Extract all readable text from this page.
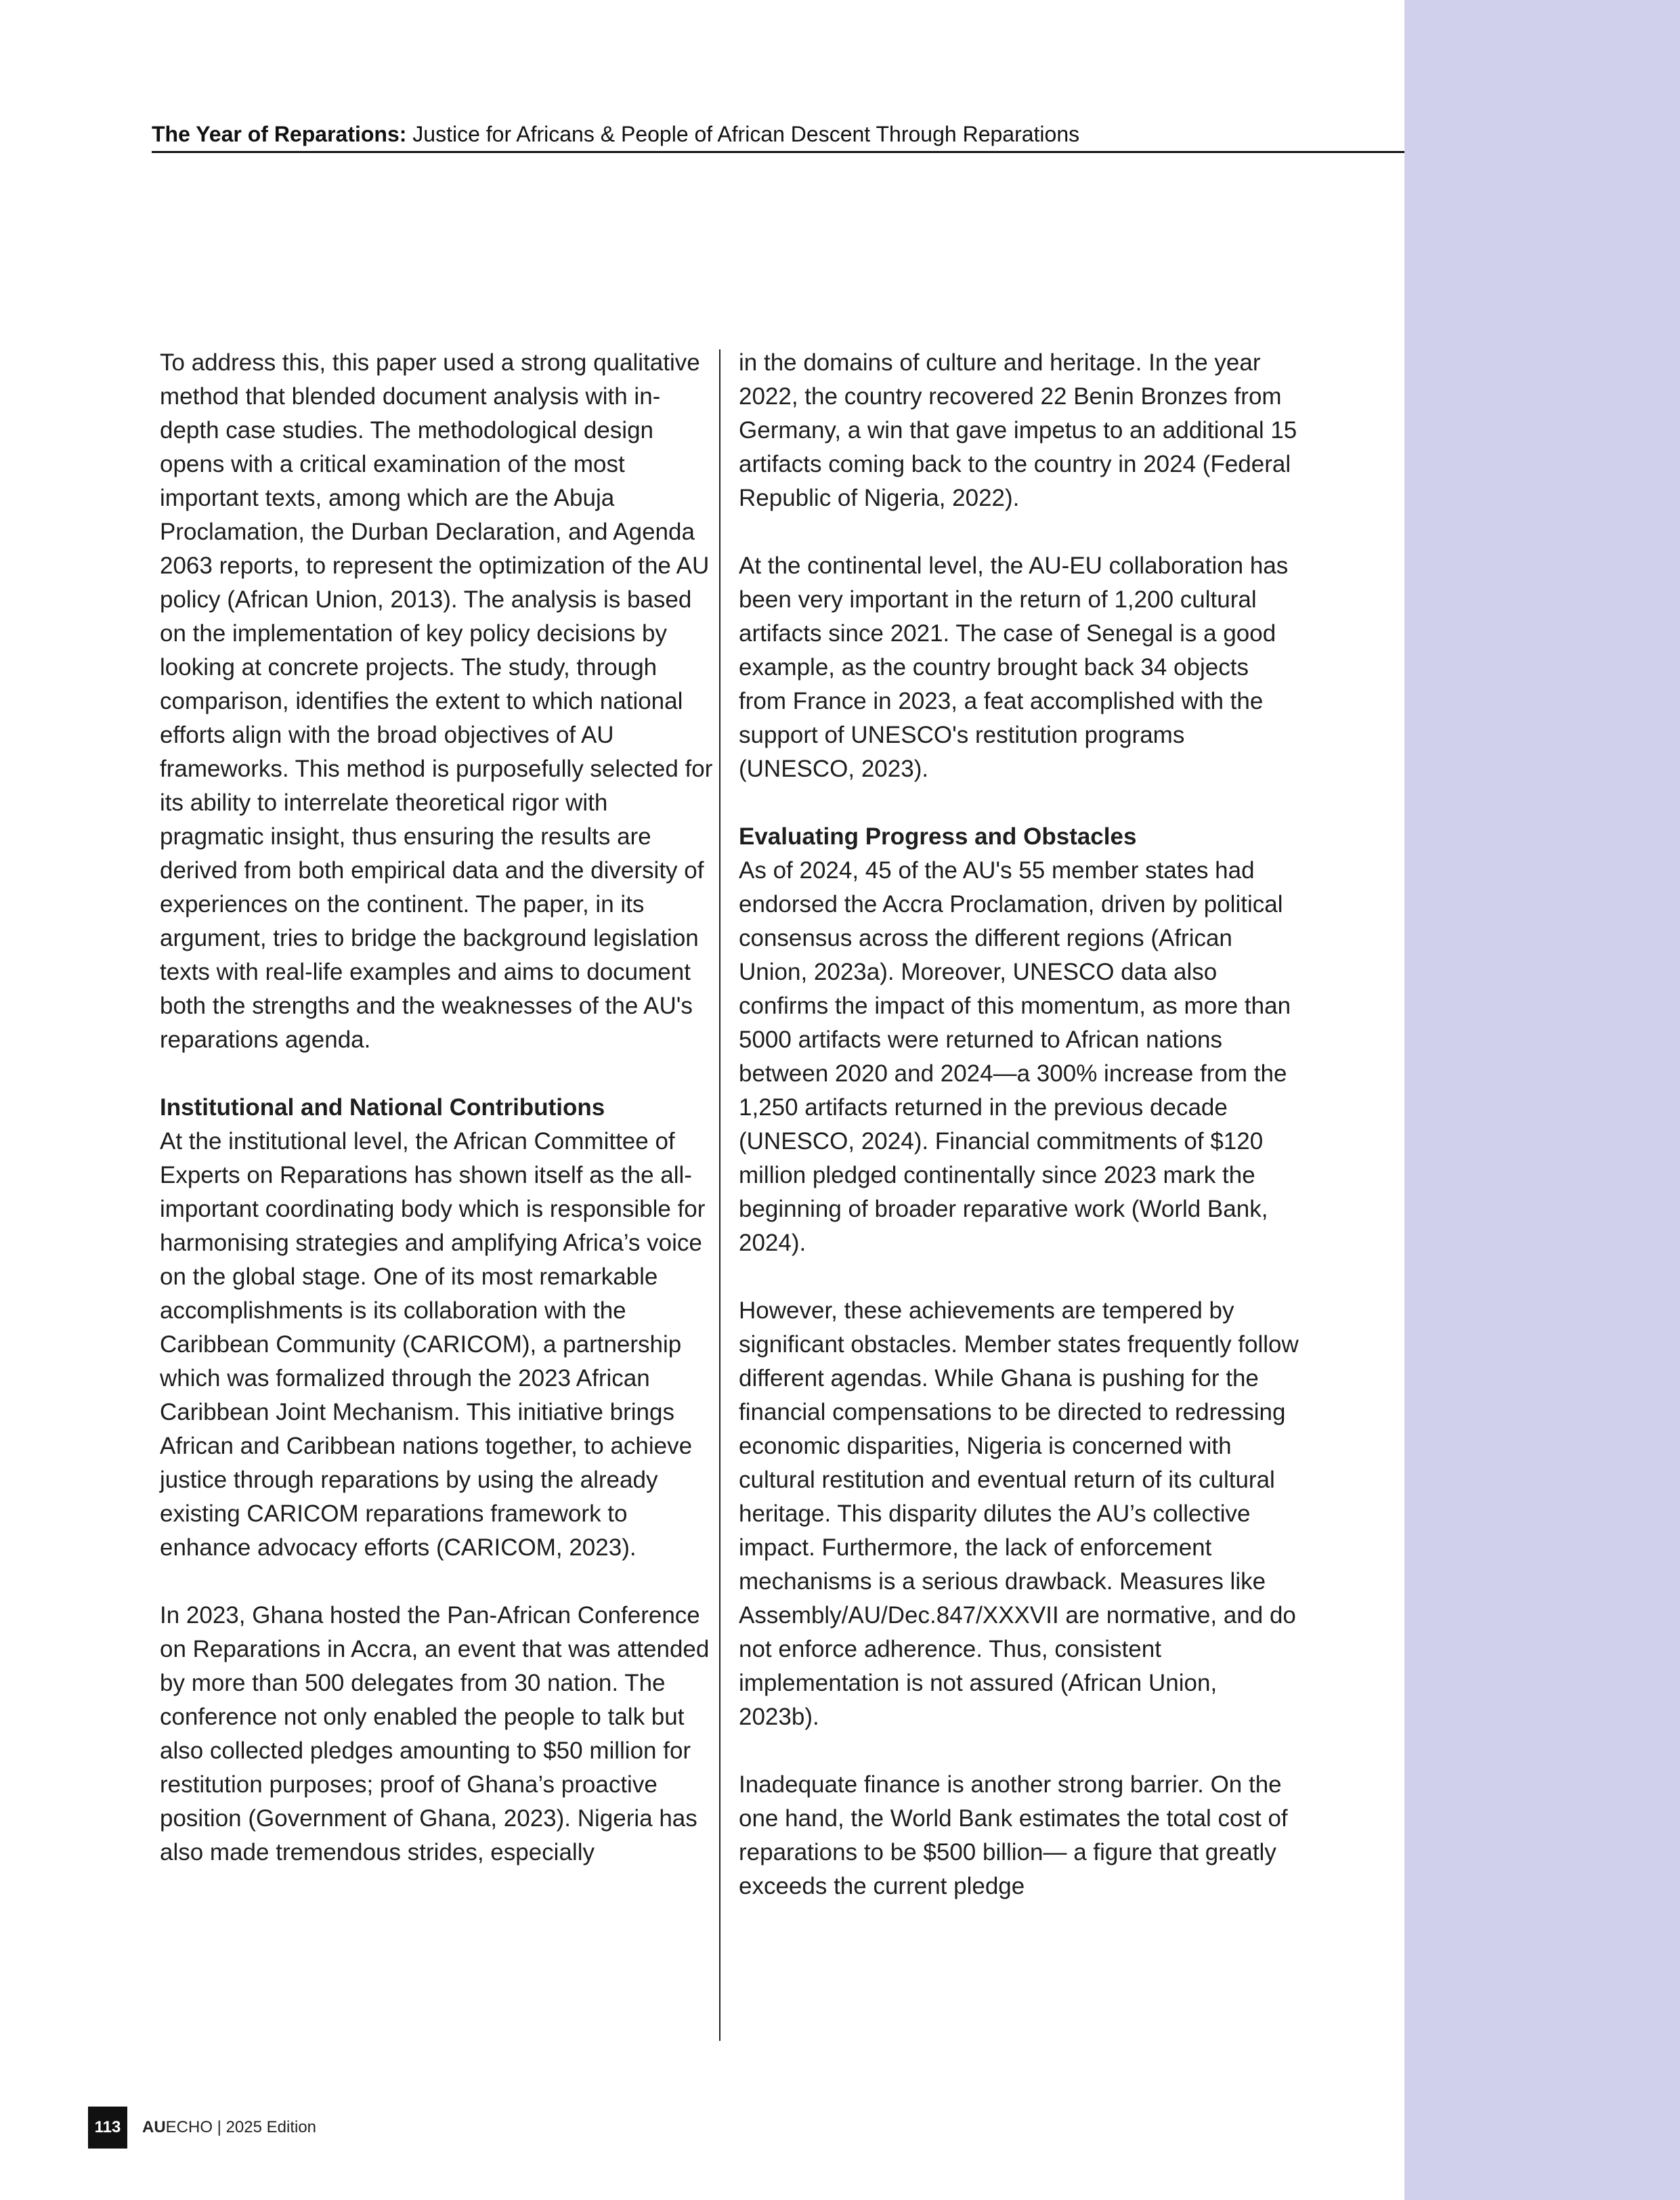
The Year of Reparations: Justice for Africans & People of African Descent Through Reparations

To address this, this paper used a strong qualitative method that blended document analysis with in-depth case studies. The methodological design opens with a critical examination of the most important texts, among which are the Abuja Proclamation, the Durban Declaration, and Agenda 2063 reports, to represent the optimization of the AU policy (African Union, 2013). The analysis is based on the implementation of key policy decisions by looking at concrete projects. The study, through comparison, identifies the extent to which national efforts align with the broad objectives of AU frameworks. This method is purposefully selected for its ability to interrelate theoretical rigor with pragmatic insight, thus ensuring the results are derived from both empirical data and the diversity of experiences on the continent. The paper, in its argument, tries to bridge the background legislation texts with real-life examples and aims to document both the strengths and the weaknesses of the AU's reparations agenda.

Institutional and National Contributions
At the institutional level, the African Committee of Experts on Reparations has shown itself as the all-important coordinating body which is responsible for harmonising strategies and amplifying Africa’s voice on the global stage. One of its most remarkable accomplishments is its collaboration with the Caribbean Community (CARICOM), a partnership which was formalized through the 2023 African Caribbean Joint Mechanism. This initiative brings African and Caribbean nations together, to achieve justice through reparations by using the already existing CARICOM reparations framework to enhance advocacy efforts (CARICOM, 2023).

In 2023, Ghana hosted the Pan-African Conference on Reparations in Accra, an event that was attended by more than 500 delegates from 30 nation. The conference not only enabled the people to talk but also collected pledges amounting to $50 million for restitution purposes; proof of Ghana’s proactive position (Government of Ghana, 2023). Nigeria has also made tremendous strides, especially

in the domains of culture and heritage. In the year 2022, the country recovered 22 Benin Bronzes from Germany, a win that gave impetus to an additional 15 artifacts coming back to the country in 2024 (Federal Republic of Nigeria, 2022).

At the continental level, the AU-EU collaboration has been very important in the return of 1,200 cultural artifacts since 2021. The case of Senegal is a good example, as the country brought back 34 objects from France in 2023, a feat accomplished with the support of UNESCO's restitution programs (UNESCO, 2023).

Evaluating Progress and Obstacles
As of 2024, 45 of the AU's 55 member states had endorsed the Accra Proclamation, driven by political consensus across the different regions (African Union, 2023a). Moreover, UNESCO data also confirms the impact of this momentum, as more than 5000 artifacts were returned to African nations between 2020 and 2024—a 300% increase from the 1,250 artifacts returned in the previous decade (UNESCO, 2024). Financial commitments of $120 million pledged continentally since 2023 mark the beginning of broader reparative work (World Bank, 2024).

However, these achievements are tempered by significant obstacles. Member states frequently follow different agendas. While Ghana is pushing for the financial compensations to be directed to redressing economic disparities, Nigeria is concerned with cultural restitution and eventual return of its cultural heritage. This disparity dilutes the AU’s collective impact. Furthermore, the lack of enforcement mechanisms is a serious drawback. Measures like Assembly/AU/Dec.847/XXXVII are normative, and do not enforce adherence. Thus, consistent implementation is not assured (African Union, 2023b).

Inadequate finance is another strong barrier. On the one hand, the World Bank estimates the total cost of reparations to be $500 billion— a figure that greatly exceeds the current pledge

113	AUECHO | 2025 Edition
